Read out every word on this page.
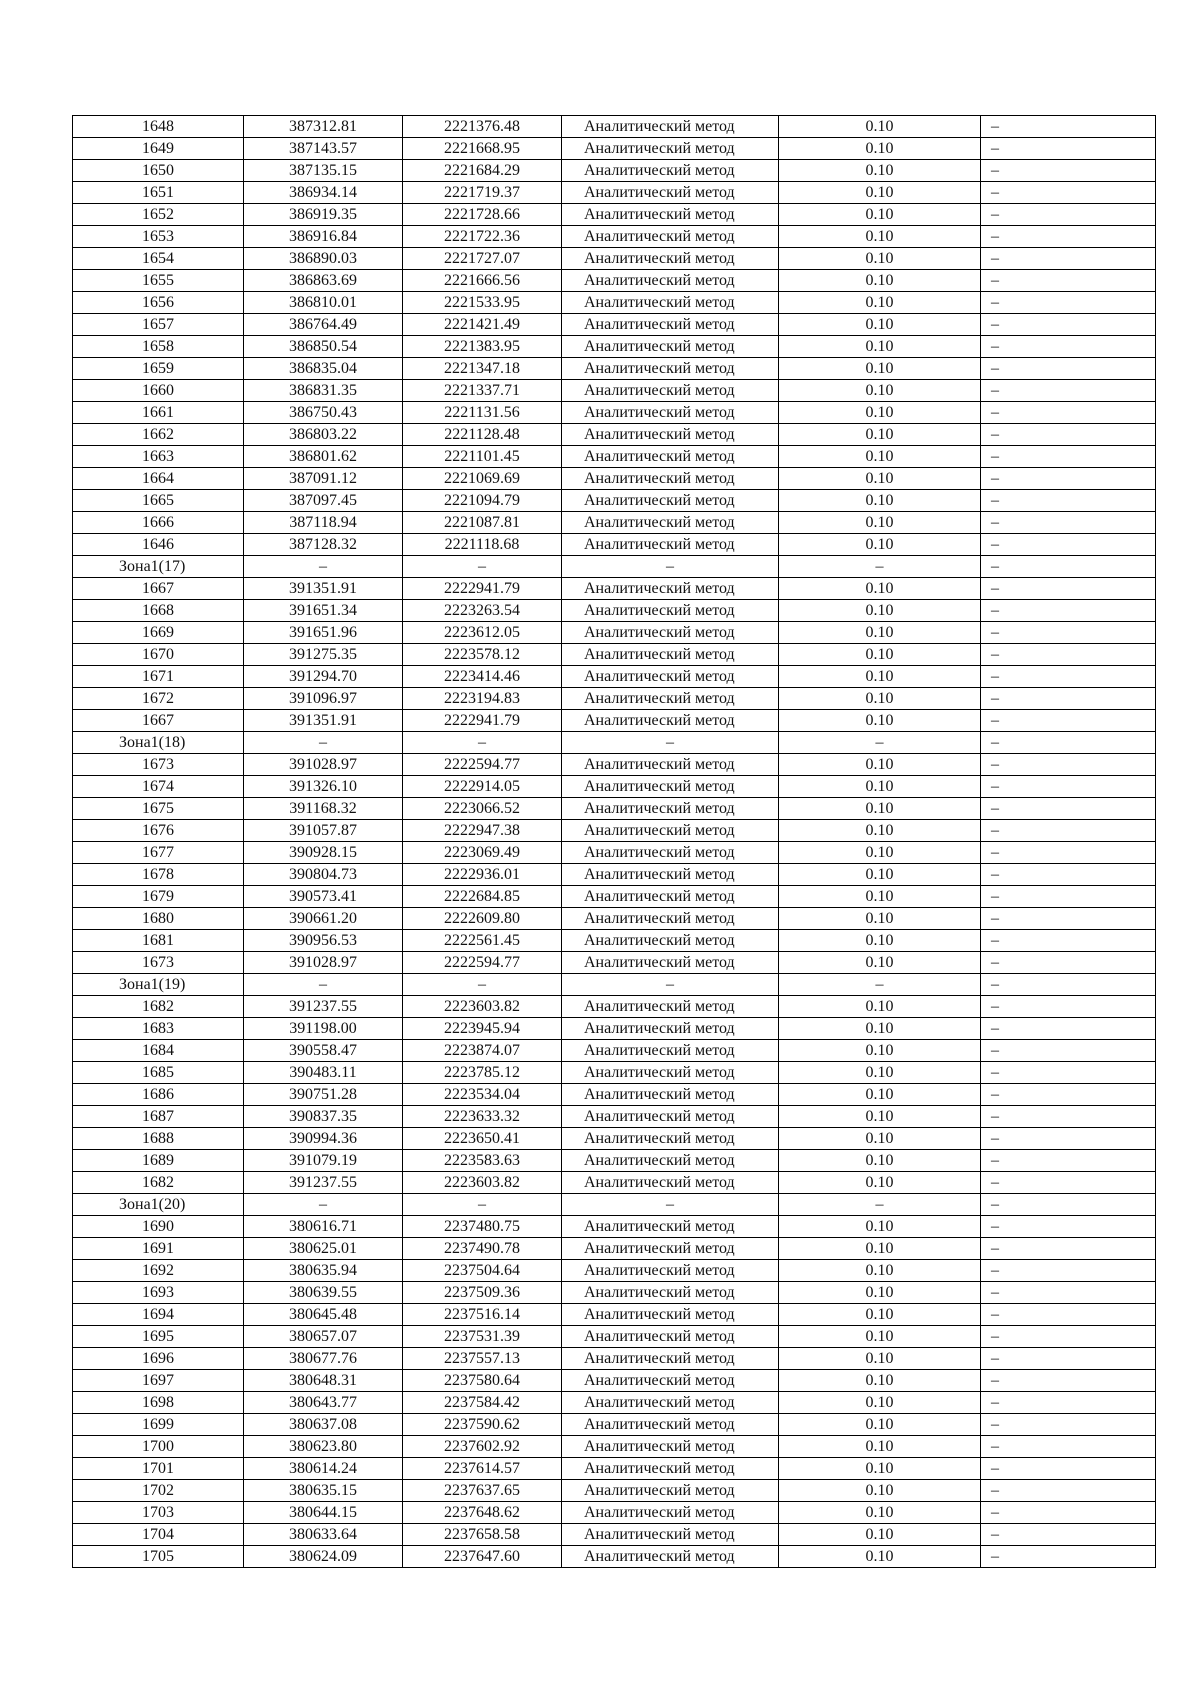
1648	387312.81	2221376.48	Аналитический метод	0.10	–
1649	387143.57	2221668.95	Аналитический метод	0.10	–
1650	387135.15	2221684.29	Аналитический метод	0.10	–
1651	386934.14	2221719.37	Аналитический метод	0.10	–
1652	386919.35	2221728.66	Аналитический метод	0.10	–
1653	386916.84	2221722.36	Аналитический метод	0.10	–
1654	386890.03	2221727.07	Аналитический метод	0.10	–
1655	386863.69	2221666.56	Аналитический метод	0.10	–
1656	386810.01	2221533.95	Аналитический метод	0.10	–
1657	386764.49	2221421.49	Аналитический метод	0.10	–
1658	386850.54	2221383.95	Аналитический метод	0.10	–
1659	386835.04	2221347.18	Аналитический метод	0.10	–
1660	386831.35	2221337.71	Аналитический метод	0.10	–
1661	386750.43	2221131.56	Аналитический метод	0.10	–
1662	386803.22	2221128.48	Аналитический метод	0.10	–
1663	386801.62	2221101.45	Аналитический метод	0.10	–
1664	387091.12	2221069.69	Аналитический метод	0.10	–
1665	387097.45	2221094.79	Аналитический метод	0.10	–
1666	387118.94	2221087.81	Аналитический метод	0.10	–
1646	387128.32	2221118.68	Аналитический метод	0.10	–
Зона1(17)	–	–	–	–	–
1667	391351.91	2222941.79	Аналитический метод	0.10	–
1668	391651.34	2223263.54	Аналитический метод	0.10	–
1669	391651.96	2223612.05	Аналитический метод	0.10	–
1670	391275.35	2223578.12	Аналитический метод	0.10	–
1671	391294.70	2223414.46	Аналитический метод	0.10	–
1672	391096.97	2223194.83	Аналитический метод	0.10	–
1667	391351.91	2222941.79	Аналитический метод	0.10	–
Зона1(18)	–	–	–	–	–
1673	391028.97	2222594.77	Аналитический метод	0.10	–
1674	391326.10	2222914.05	Аналитический метод	0.10	–
1675	391168.32	2223066.52	Аналитический метод	0.10	–
1676	391057.87	2222947.38	Аналитический метод	0.10	–
1677	390928.15	2223069.49	Аналитический метод	0.10	–
1678	390804.73	2222936.01	Аналитический метод	0.10	–
1679	390573.41	2222684.85	Аналитический метод	0.10	–
1680	390661.20	2222609.80	Аналитический метод	0.10	–
1681	390956.53	2222561.45	Аналитический метод	0.10	–
1673	391028.97	2222594.77	Аналитический метод	0.10	–
Зона1(19)	–	–	–	–	–
1682	391237.55	2223603.82	Аналитический метод	0.10	–
1683	391198.00	2223945.94	Аналитический метод	0.10	–
1684	390558.47	2223874.07	Аналитический метод	0.10	–
1685	390483.11	2223785.12	Аналитический метод	0.10	–
1686	390751.28	2223534.04	Аналитический метод	0.10	–
1687	390837.35	2223633.32	Аналитический метод	0.10	–
1688	390994.36	2223650.41	Аналитический метод	0.10	–
1689	391079.19	2223583.63	Аналитический метод	0.10	–
1682	391237.55	2223603.82	Аналитический метод	0.10	–
Зона1(20)	–	–	–	–	–
1690	380616.71	2237480.75	Аналитический метод	0.10	–
1691	380625.01	2237490.78	Аналитический метод	0.10	–
1692	380635.94	2237504.64	Аналитический метод	0.10	–
1693	380639.55	2237509.36	Аналитический метод	0.10	–
1694	380645.48	2237516.14	Аналитический метод	0.10	–
1695	380657.07	2237531.39	Аналитический метод	0.10	–
1696	380677.76	2237557.13	Аналитический метод	0.10	–
1697	380648.31	2237580.64	Аналитический метод	0.10	–
1698	380643.77	2237584.42	Аналитический метод	0.10	–
1699	380637.08	2237590.62	Аналитический метод	0.10	–
1700	380623.80	2237602.92	Аналитический метод	0.10	–
1701	380614.24	2237614.57	Аналитический метод	0.10	–
1702	380635.15	2237637.65	Аналитический метод	0.10	–
1703	380644.15	2237648.62	Аналитический метод	0.10	–
1704	380633.64	2237658.58	Аналитический метод	0.10	–
1705	380624.09	2237647.60	Аналитический метод	0.10	–
